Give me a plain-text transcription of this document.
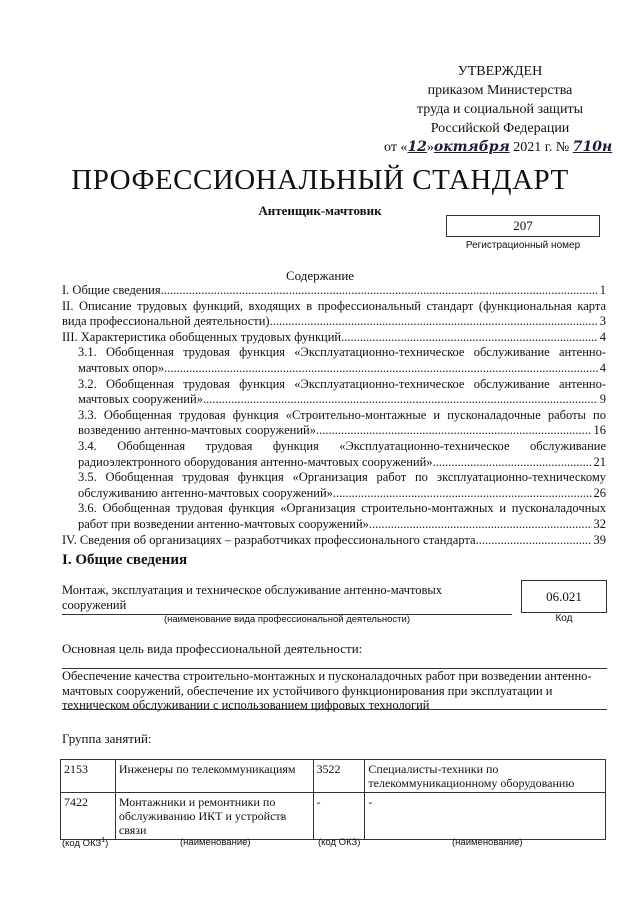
УТВЕРЖДЕН
приказом Министерства
труда и социальной защиты
Российской Федерации
от «12»октября 2021 г. № 710н
ПРОФЕССИОНАЛЬНЫЙ СТАНДАРТ
Антенщик-мачтовик
207
Регистрационный номер
Содержание
I. Общие сведения .....	1
II. Описание трудовых функций, входящих в профессиональный стандарт (функциональная карта
вида профессиональной деятельности) .....	3
III. Характеристика обобщенных трудовых функций .....	4
3.1. Обобщенная трудовая функция «Эксплуатационно-техническое обслуживание антенно-
мачтовых опор» .....	4
3.2. Обобщенная трудовая функция «Эксплуатационно-техническое обслуживание антенно-
мачтовых сооружений» .....	9
3.3. Обобщенная трудовая функция «Строительно-монтажные и пусконаладочные работы по
возведению антенно-мачтовых сооружений» .....	16
3.4. Обобщенная трудовая функция «Эксплуатационно-техническое обслуживание
радиоэлектронного оборудования антенно-мачтовых сооружений» .....	21
3.5. Обобщенная трудовая функция «Организация работ по эксплуатационно-техническому
обслуживанию антенно-мачтовых сооружений» .....	26
3.6. Обобщенная трудовая функция «Организация строительно-монтажных и пусконаладочных
работ при возведении антенно-мачтовых сооружений» .....	32
IV. Сведения об организациях – разработчиках профессионального стандарта .....	39
I. Общие сведения
Монтаж, эксплуатация и техническое обслуживание антенно-мачтовых сооружений
(наименование вида профессиональной деятельности)
06.021
Код
Основная цель вида профессиональной деятельности:
Обеспечение качества строительно-монтажных и пусконаладочных работ при возведении антенно-мачтовых сооружений, обеспечение их устойчивого функционирования при эксплуатации и техническом обслуживании с использованием цифровых технологий
Группа занятий:
2153	Инженеры по телекоммуникациям	3522	Специалисты-техники по телекоммуникационному оборудованию
7422	Монтажники и ремонтники по обслуживанию ИКТ и устройств связи	-	-
(код ОКЗ$^1$)	(наименование)	(код ОКЗ)	(наименование)
